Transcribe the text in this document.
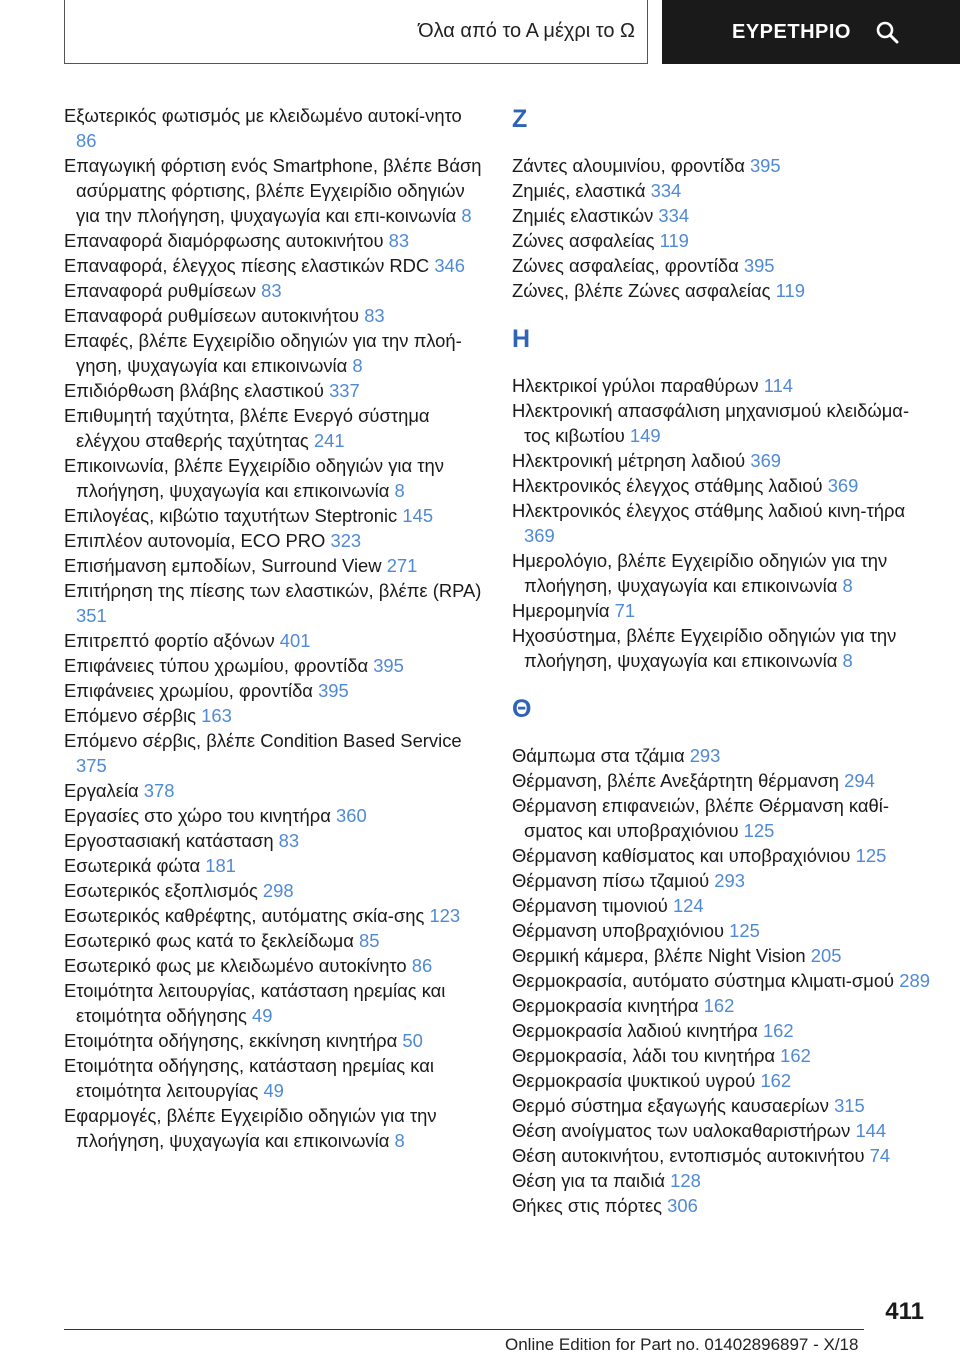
Όλα από το Α μέχρι το Ω	ΕΥΡΕΤΗΡΙΟ
Εξωτερικός φωτισμός με κλειδωμένο αυτοκί-νητο 86
Επαγωγική φόρτιση ενός Smartphone, βλέπε Βάση ασύρματης φόρτισης, βλέπε Εγχειρίδιο οδηγιών για την πλοήγηση, ψυχαγωγία και επι-κοινωνία 8
Επαναφορά διαμόρφωσης αυτοκινήτου 83
Επαναφορά, έλεγχος πίεσης ελαστικών RDC 346
Επαναφορά ρυθμίσεων 83
Επαναφορά ρυθμίσεων αυτοκινήτου 83
Επαφές, βλέπε Εγχειρίδιο οδηγιών για την πλοή-γηση, ψυχαγωγία και επικοινωνία 8
Επιδιόρθωση βλάβης ελαστικού 337
Επιθυμητή ταχύτητα, βλέπε Ενεργό σύστημα ελέγχου σταθερής ταχύτητας 241
Επικοινωνία, βλέπε Εγχειρίδιο οδηγιών για την πλοήγηση, ψυχαγωγία και επικοινωνία 8
Επιλογέας, κιβώτιο ταχυτήτων Steptronic 145
Επιπλέον αυτονομία, ECO PRO 323
Επισήμανση εμποδίων, Surround View 271
Επιτήρηση της πίεσης των ελαστικών, βλέπε (RPA) 351
Επιτρεπτό φορτίο αξόνων 401
Επιφάνειες τύπου χρωμίου, φροντίδα 395
Επιφάνειες χρωμίου, φροντίδα 395
Επόμενο σέρβις 163
Επόμενο σέρβις, βλέπε Condition Based Service 375
Εργαλεία 378
Εργασίες στο χώρο του κινητήρα 360
Εργοστασιακή κατάσταση 83
Εσωτερικά φώτα 181
Εσωτερικός εξοπλισμός 298
Εσωτερικός καθρέφτης, αυτόματης σκία-σης 123
Εσωτερικό φως κατά το ξεκλείδωμα 85
Εσωτερικό φως με κλειδωμένο αυτοκίνητο 86
Ετοιμότητα λειτουργίας, κατάσταση ηρεμίας και ετοιμότητα οδήγησης 49
Ετοιμότητα οδήγησης, εκκίνηση κινητήρα 50
Ετοιμότητα οδήγησης, κατάσταση ηρεμίας και ετοιμότητα λειτουργίας 49
Εφαρμογές, βλέπε Εγχειρίδιο οδηγιών για την πλοήγηση, ψυχαγωγία και επικοινωνία 8
Z
Ζάντες αλουμινίου, φροντίδα 395
Ζημιές, ελαστικά 334
Ζημιές ελαστικών 334
Ζώνες ασφαλείας 119
Ζώνες ασφαλείας, φροντίδα 395
Ζώνες, βλέπε Ζώνες ασφαλείας 119
H
Ηλεκτρικοί γρύλοι παραθύρων 114
Ηλεκτρονική απασφάλιση μηχανισμού κλειδώμα-τος κιβωτίου 149
Ηλεκτρονική μέτρηση λαδιού 369
Ηλεκτρονικός έλεγχος στάθμης λαδιού 369
Ηλεκτρονικός έλεγχος στάθμης λαδιού κινη-τήρα 369
Ημερολόγιο, βλέπε Εγχειρίδιο οδηγιών για την πλοήγηση, ψυχαγωγία και επικοινωνία 8
Ημερομηνία 71
Ηχοσύστημα, βλέπε Εγχειρίδιο οδηγιών για την πλοήγηση, ψυχαγωγία και επικοινωνία 8
Θ
Θάμπωμα στα τζάμια 293
Θέρμανση, βλέπε Ανεξάρτητη θέρμανση 294
Θέρμανση επιφανειών, βλέπε Θέρμανση καθί-σματος και υποβραχιόνιου 125
Θέρμανση καθίσματος και υποβραχιόνιου 125
Θέρμανση πίσω τζαμιού 293
Θέρμανση τιμονιού 124
Θέρμανση υποβραχιόνιου 125
Θερμική κάμερα, βλέπε Night Vision 205
Θερμοκρασία, αυτόματο σύστημα κλιματι-σμού 289
Θερμοκρασία κινητήρα 162
Θερμοκρασία λαδιού κινητήρα 162
Θερμοκρασία, λάδι του κινητήρα 162
Θερμοκρασία ψυκτικού υγρού 162
Θερμό σύστημα εξαγωγής καυσαερίων 315
Θέση ανοίγματος των υαλοκαθαριστήρων 144
Θέση αυτοκινήτου, εντοπισμός αυτοκινήτου 74
Θέση για τα παιδιά 128
Θήκες στις πόρτες 306
411
Online Edition for Part no. 01402896897 - X/18
